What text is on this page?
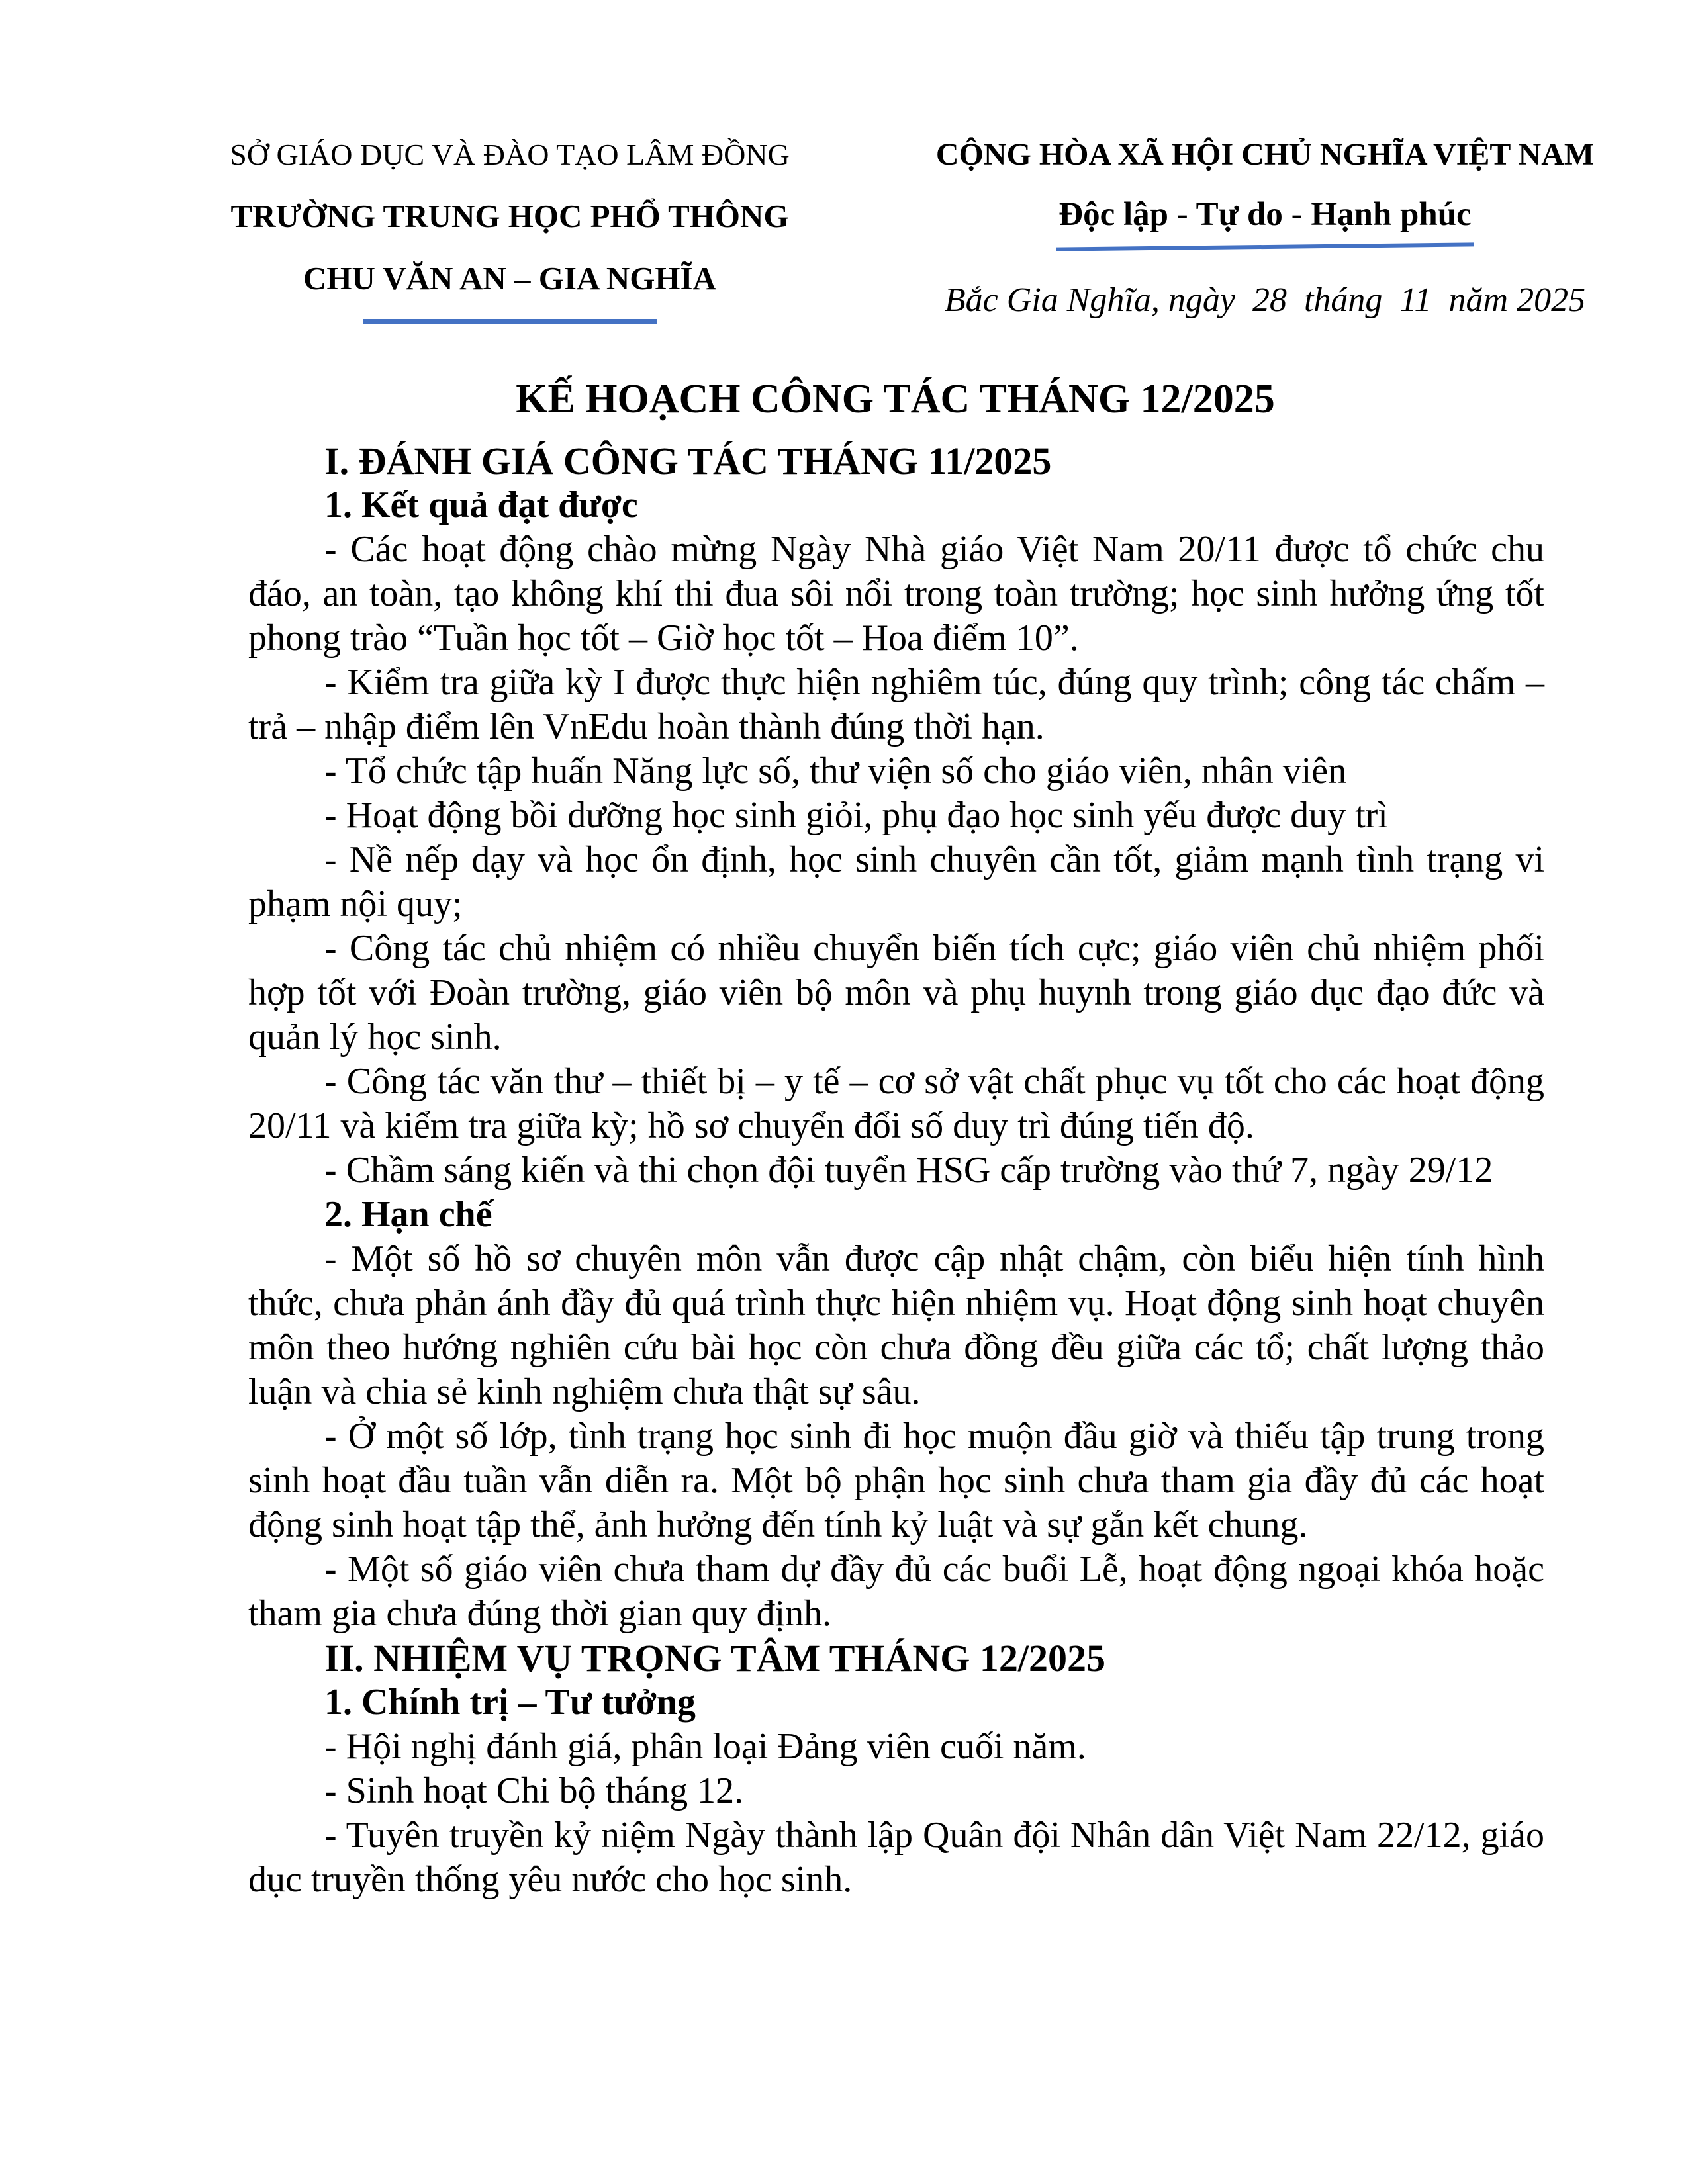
SỞ GIÁO DỤC VÀ ĐÀO TẠO LÂM ĐỒNG
TRƯỜNG TRUNG HỌC PHỔ THÔNG
CHU VĂN AN – GIA NGHĨA
CỘNG HÒA XÃ HỘI CHỦ NGHĨA VIỆT NAM
Độc lập - Tự do - Hạnh phúc
Bắc Gia Nghĩa, ngày  28  tháng  11  năm 2025
KẾ HOẠCH CÔNG TÁC THÁNG 12/2025

I. ĐÁNH GIÁ CÔNG TÁC THÁNG 11/2025

1. Kết quả đạt được

- Các hoạt động chào mừng Ngày Nhà giáo Việt Nam 20/11 được tổ chức chu đáo, an toàn, tạo không khí thi đua sôi nổi trong toàn trường; học sinh hưởng ứng tốt phong trào “Tuần học tốt – Giờ học tốt – Hoa điểm 10”.

- Kiểm tra giữa kỳ I được thực hiện nghiêm túc, đúng quy trình; công tác chấm – trả – nhập điểm lên VnEdu hoàn thành đúng thời hạn.

- Tổ chức tập huấn Năng lực số, thư viện số cho giáo viên, nhân viên

- Hoạt động bồi dưỡng học sinh giỏi, phụ đạo học sinh yếu được duy trì

- Nề nếp dạy và học ổn định, học sinh chuyên cần tốt, giảm mạnh tình trạng vi phạm nội quy;

- Công tác chủ nhiệm có nhiều chuyển biến tích cực; giáo viên chủ nhiệm phối hợp tốt với Đoàn trường, giáo viên bộ môn và phụ huynh trong giáo dục đạo đức và quản lý học sinh.

- Công tác văn thư – thiết bị – y tế – cơ sở vật chất phục vụ tốt cho các hoạt động 20/11 và kiểm tra giữa kỳ; hồ sơ chuyển đổi số duy trì đúng tiến độ.

- Chầm sáng kiến và thi chọn đội tuyển HSG cấp trường vào thứ 7, ngày 29/12

2. Hạn chế

- Một số hồ sơ chuyên môn vẫn được cập nhật chậm, còn biểu hiện tính hình thức, chưa phản ánh đầy đủ quá trình thực hiện nhiệm vụ. Hoạt động sinh hoạt chuyên môn theo hướng nghiên cứu bài học còn chưa đồng đều giữa các tổ; chất lượng thảo luận và chia sẻ kinh nghiệm chưa thật sự sâu.

- Ở một số lớp, tình trạng học sinh đi học muộn đầu giờ và thiếu tập trung trong sinh hoạt đầu tuần vẫn diễn ra. Một bộ phận học sinh chưa tham gia đầy đủ các hoạt động sinh hoạt tập thể, ảnh hưởng đến tính kỷ luật và sự gắn kết chung.

- Một số giáo viên chưa tham dự đầy đủ các buổi Lễ, hoạt động ngoại khóa hoặc tham gia chưa đúng thời gian quy định.

II. NHIỆM VỤ TRỌNG TÂM THÁNG 12/2025

1. Chính trị – Tư tưởng

- Hội nghị đánh giá, phân loại Đảng viên cuối năm.

- Sinh hoạt Chi bộ tháng 12.

- Tuyên truyền kỷ niệm Ngày thành lập Quân đội Nhân dân Việt Nam 22/12, giáo dục truyền thống yêu nước cho học sinh.
